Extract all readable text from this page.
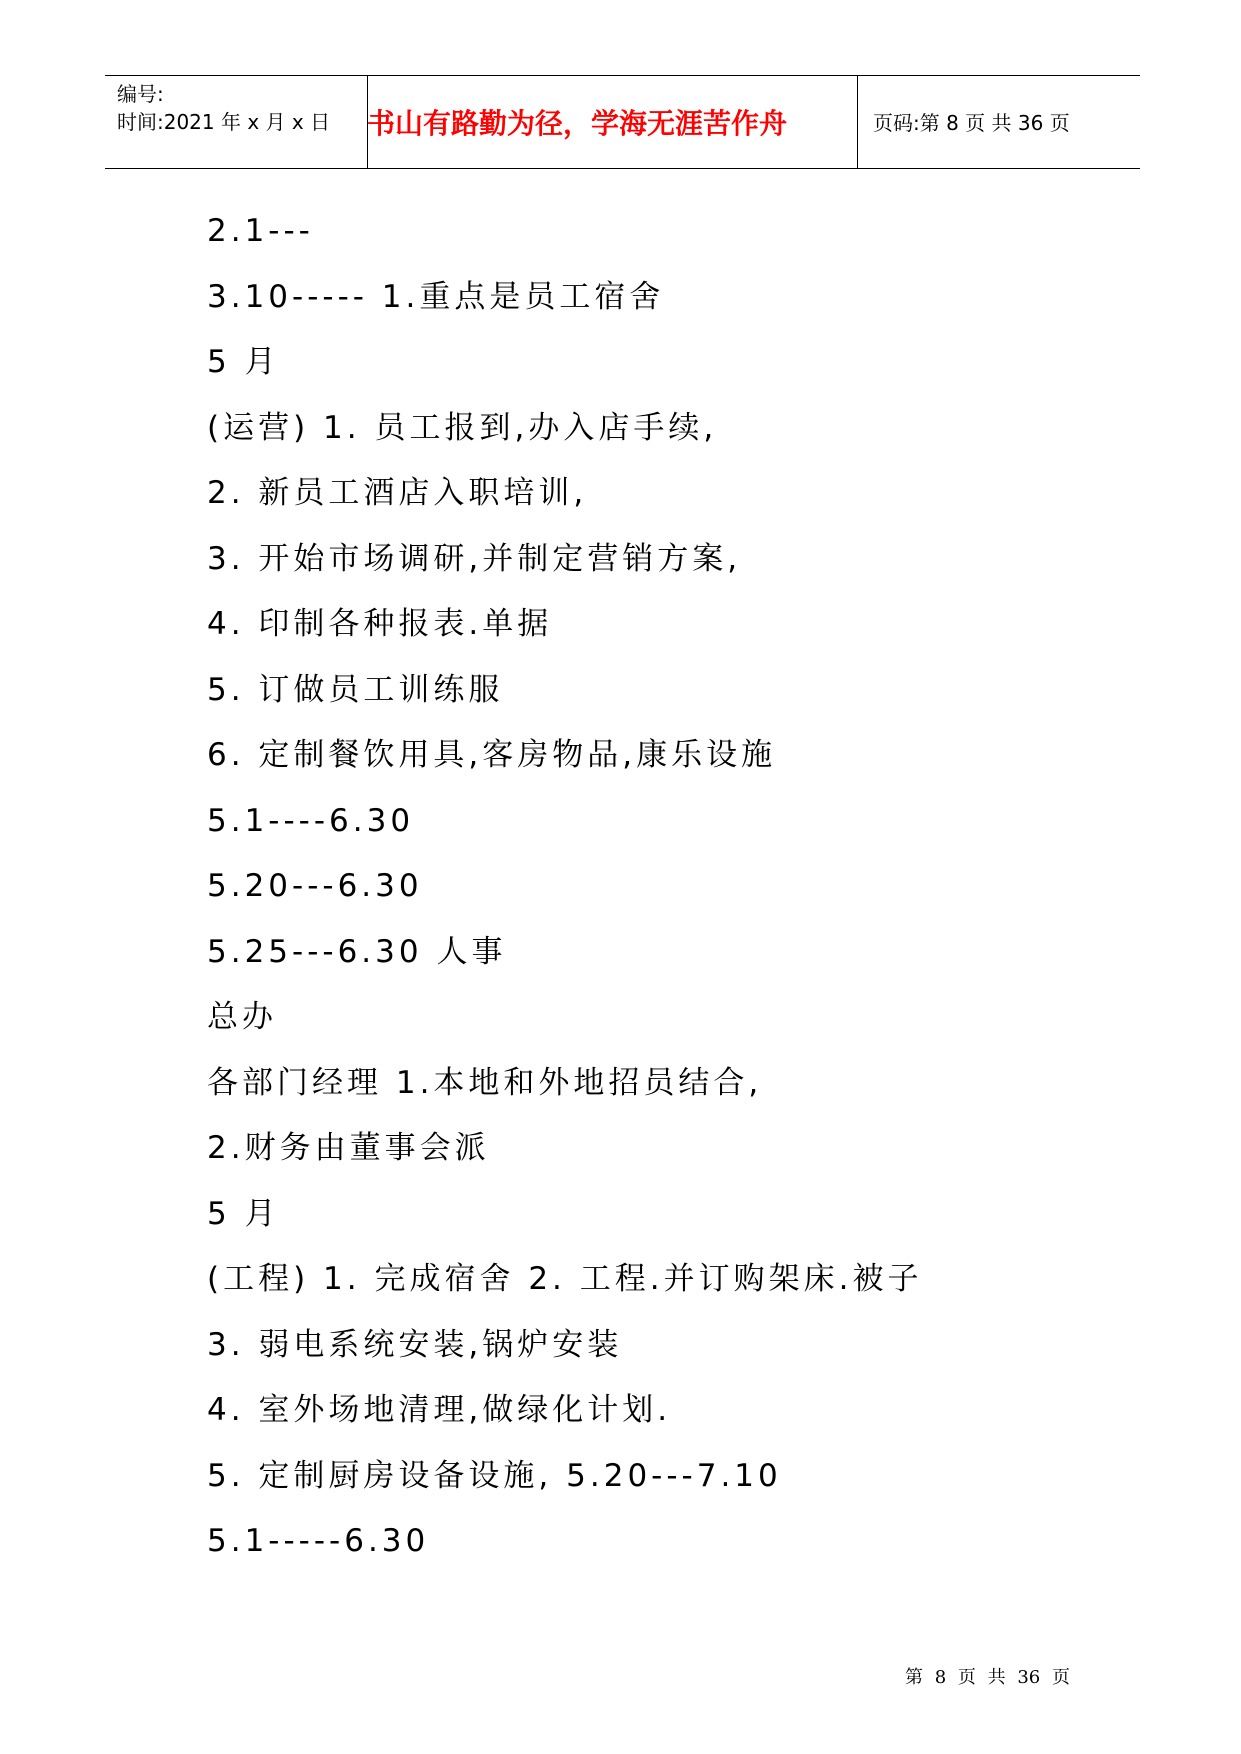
编号:
时间:2021 年 x 月 x 日 书山有路勤为径，学海无涯苦作舟	页码:第 8 页 共 36 页
2.1---
3.10----- 1.重点是员工宿舍
5 月
(运营) 1. 员工报到,办入店手续,
2. 新员工酒店入职培训,
3. 开始市场调研,并制定营销方案,
4. 印制各种报表.单据
5. 订做员工训练服
6. 定制餐饮用具,客房物品,康乐设施
5.1----6.30
5.20---6.30
5.25---6.30 人事
总办
各部门经理 1.本地和外地招员结合,
2.财务由董事会派
5 月
(工程) 1. 完成宿舍 2. 工程.并订购架床.被子
3. 弱电系统安装,锅炉安装
4. 室外场地清理,做绿化计划.
5. 定制厨房设备设施, 5.20---7.10
5.1-----6.30
第 8 页 共 36 页
